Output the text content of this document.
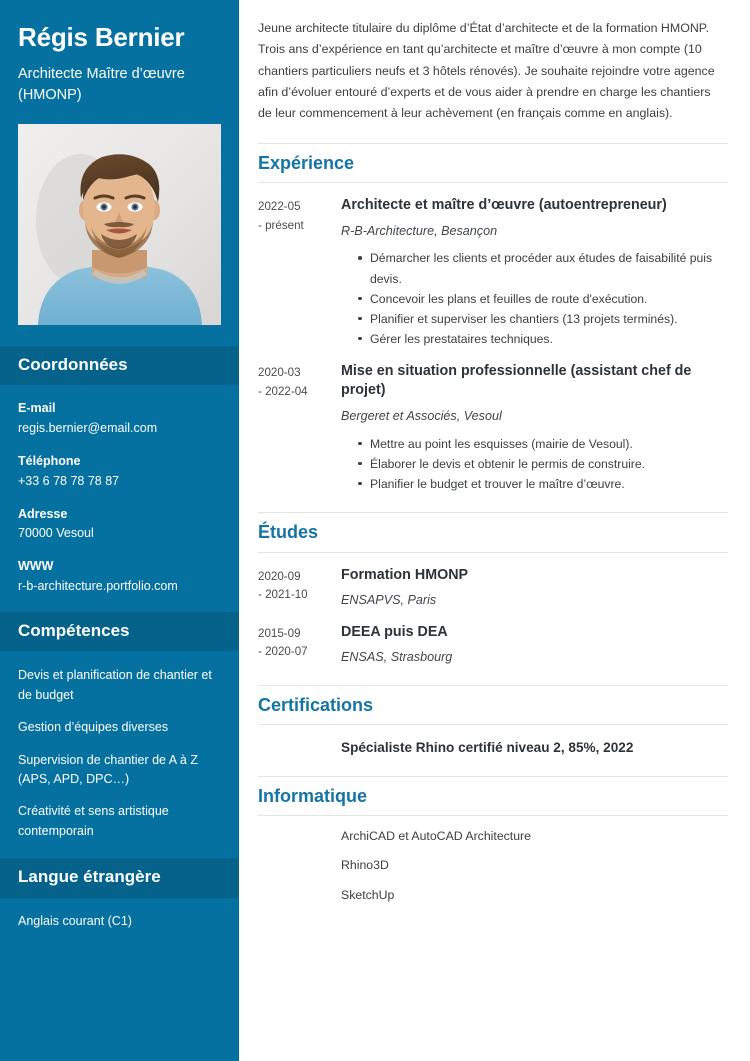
Régis Bernier
Architecte Maître d’œuvre (HMONP)
Coordonnées
E-mail
regis.bernier@email.com
Téléphone
+33 6 78 78 78 87
Adresse
70000 Vesoul
WWW
r-b-architecture.portfolio.com
Compétences
Devis et planification de chantier et de budget
Gestion d’équipes diverses
Supervision de chantier de A à Z (APS, APD, DPC…)
Créativité et sens artistique contemporain
Langue étrangère
Anglais courant (C1)

Jeune architecte titulaire du diplôme d’État d’architecte et de la formation HMONP. Trois ans d’expérience en tant qu’architecte et maître d’œuvre à mon compte (10 chantiers particuliers neufs et 3 hôtels rénovés). Je souhaite rejoindre votre agence afin d’évoluer entouré d’experts et de vous aider à prendre en charge les chantiers de leur commencement à leur achèvement (en français comme en anglais).

Expérience
2022-05
- présent
Architecte et maître d’œuvre (autoentrepreneur)
R-B-Architecture, Besançon
Démarcher les clients et procéder aux études de faisabilité puis devis.
Concevoir les plans et feuilles de route d'exécution.
Planifier et superviser les chantiers (13 projets terminés).
Gérer les prestataires techniques.
2020-03
- 2022-04
Mise en situation professionnelle (assistant chef de projet)
Bergeret et Associés, Vesoul
Mettre au point les esquisses (mairie de Vesoul).
Élaborer le devis et obtenir le permis de construire.
Planifier le budget et trouver le maître d’œuvre.
Études
2020-09
- 2021-10
Formation HMONP
ENSAPVS, Paris
2015-09
- 2020-07
DEEA puis DEA
ENSAS, Strasbourg
Certifications
Spécialiste Rhino certifié niveau 2, 85%, 2022
Informatique
ArchiCAD et AutoCAD Architecture
Rhino3D
SketchUp
